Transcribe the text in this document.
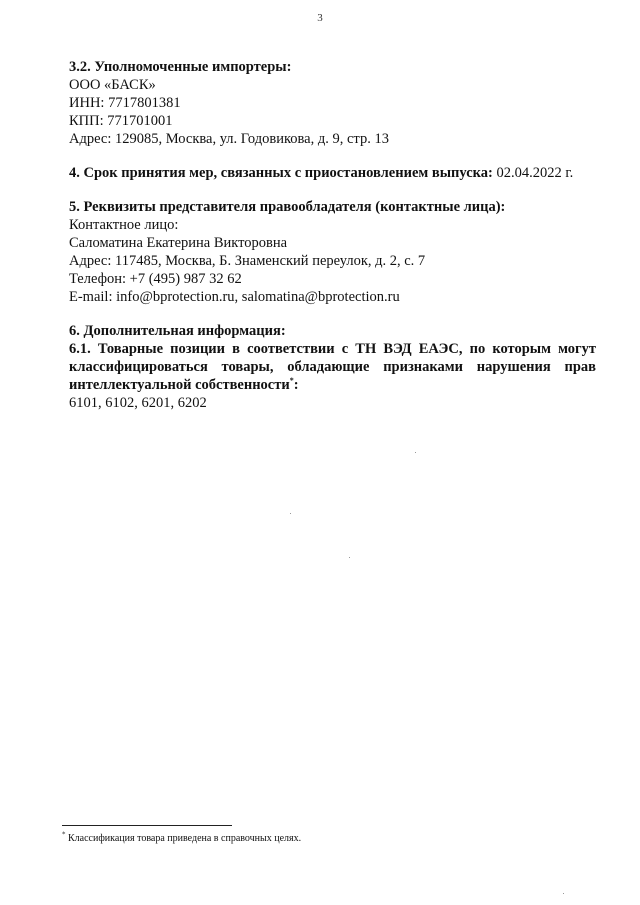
3
3.2. Уполномоченные импортеры:
ООО «БАСК»
ИНН: 7717801381
КПП: 771701001
Адрес: 129085, Москва, ул. Годовикова, д. 9, стр. 13
4. Срок принятия мер, связанных с приостановлением выпуска: 02.04.2022 г.
5. Реквизиты представителя правообладателя (контактные лица):
Контактное лицо:
Саломатина Екатерина Викторовна
Адрес: 117485, Москва, Б. Знаменский переулок, д. 2, с. 7
Телефон: +7 (495) 987 32 62
E-mail: info@bprotection.ru, salomatina@bprotection.ru
6. Дополнительная информация:
6.1. Товарные позиции в соответствии с ТН ВЭД ЕАЭС, по которым могут классифицироваться товары, обладающие признаками нарушения прав интеллектуальной собственности*:
6101, 6102, 6201, 6202
* Классификация товара приведена в справочных целях.
